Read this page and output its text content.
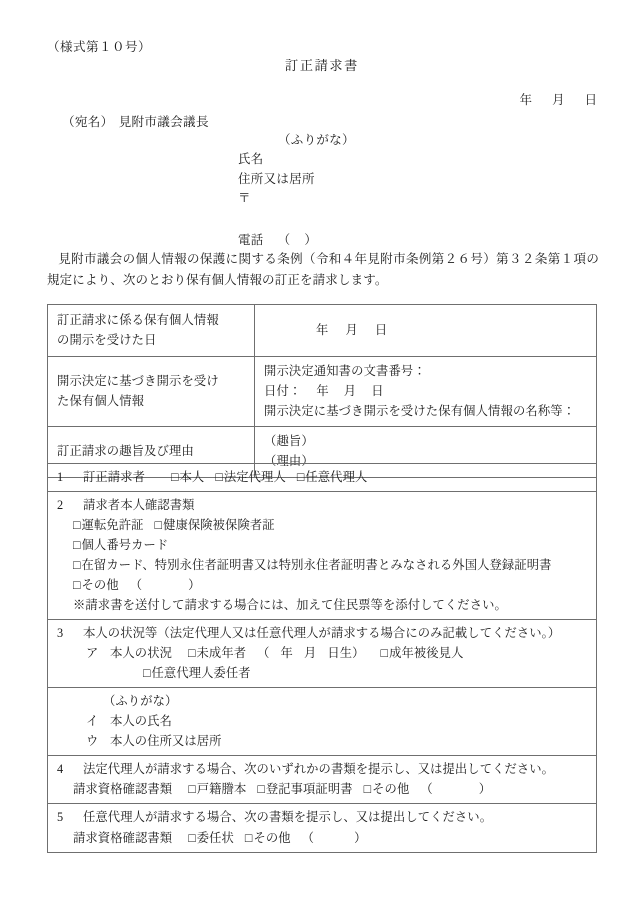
（様式第１０号）
訂正請求書
年 月 日
（宛名） 見附市議会議長
（ふりがな）
氏名
住所又は居所
〒
電話 （ ）
見附市議会の個人情報の保護に関する条例（令和４年見附市条例第２６号）第３２条第１項の規定により、次のとおり保有個人情報の訂正を請求します。
訂正請求に係る保有個人情報
の開示を受けた日	年 月 日

開示決定に基づき開示を受け
た保有個人情報	開示決定通知書の文書番号：
日付： 年 月 日
開示決定に基づき開示を受けた保有個人情報の名称等：

訂正請求の趣旨及び理由	（趣旨）
（理由）
1 訂正請求者 □本人 □法定代理人 □任意代理人

2 請求者本人確認書類
□運転免許証 □健康保険被保険者証
□個人番号カード
□在留カード、特別永住者証明書又は特別永住者証明書とみなされる外国人登録証明書
□その他 （	）
※請求書を送付して請求する場合には、加えて住民票等を添付してください。

3 本人の状況等（法定代理人又は任意代理人が請求する場合にのみ記載してください。）
ア 本人の状況 □未成年者 （ 年 月 日生） □成年被後見人
□任意代理人委任者

（ふりがな）
イ 本人の氏名
ウ 本人の住所又は居所

4 法定代理人が請求する場合、次のいずれかの書類を提示し、又は提出してください。
請求資格確認書類 □戸籍謄本 □登記事項証明書 □その他 （	）

5 任意代理人が請求する場合、次の書類を提示し、又は提出してください。
請求資格確認書類 □委任状 □その他 （	）
